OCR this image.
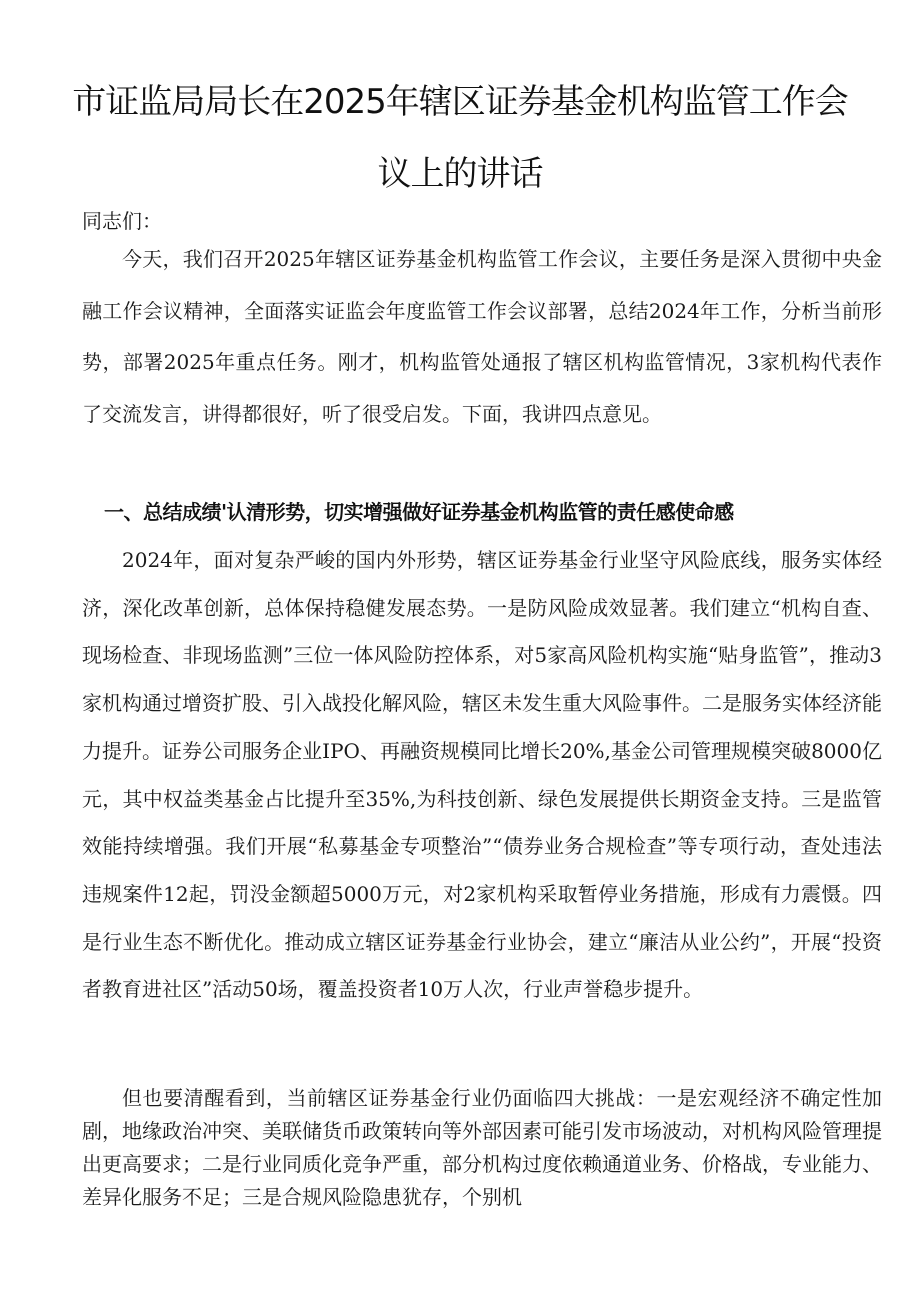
市证监局局长在2025年辖区证券基金机构监管工作会
议上的讲话

同志们：

今天，我们召开2025年辖区证券基金机构监管工作会议，主要任务是深入贯彻中央金融工作会议精神，全面落实证监会年度监管工作会议部署，总结2024年工作，分析当前形势，部署2025年重点任务。刚才，机构监管处通报了辖区机构监管情况，3家机构代表作了交流发言，讲得都很好，听了很受启发。下面，我讲四点意见。

一、总结成绩'认清形势，切实增强做好证券基金机构监管的责任感使命感

2024年，面对复杂严峻的国内外形势，辖区证券基金行业坚守风险底线，服务实体经济，深化改革创新，总体保持稳健发展态势。一是防风险成效显著。我们建立“机构自查、现场检查、非现场监测”三位一体风险防控体系，对5家高风险机构实施“贴身监管”，推动3家机构通过增资扩股、引入战投化解风险，辖区未发生重大风险事件。二是服务实体经济能力提升。证券公司服务企业IPO、再融资规模同比增长20%,基金公司管理规模突破8000亿元，其中权益类基金占比提升至35%,为科技创新、绿色发展提供长期资金支持。三是监管效能持续增强。我们开展“私募基金专项整治”“债券业务合规检查”等专项行动，查处违法违规案件12起，罚没金额超5000万元，对2家机构采取暂停业务措施，形成有力震慑。四是行业生态不断优化。推动成立辖区证券基金行业协会，建立“廉洁从业公约”，开展“投资者教育进社区”活动50场，覆盖投资者10万人次，行业声誉稳步提升。

但也要清醒看到，当前辖区证券基金行业仍面临四大挑战：一是宏观经济不确定性加剧，地缘政治冲突、美联储货币政策转向等外部因素可能引发市场波动，对机构风险管理提出更高要求；二是行业同质化竞争严重，部分机构过度依赖通道业务、价格战，专业能力、差异化服务不足；三是合规风险隐患犹存，个别机
